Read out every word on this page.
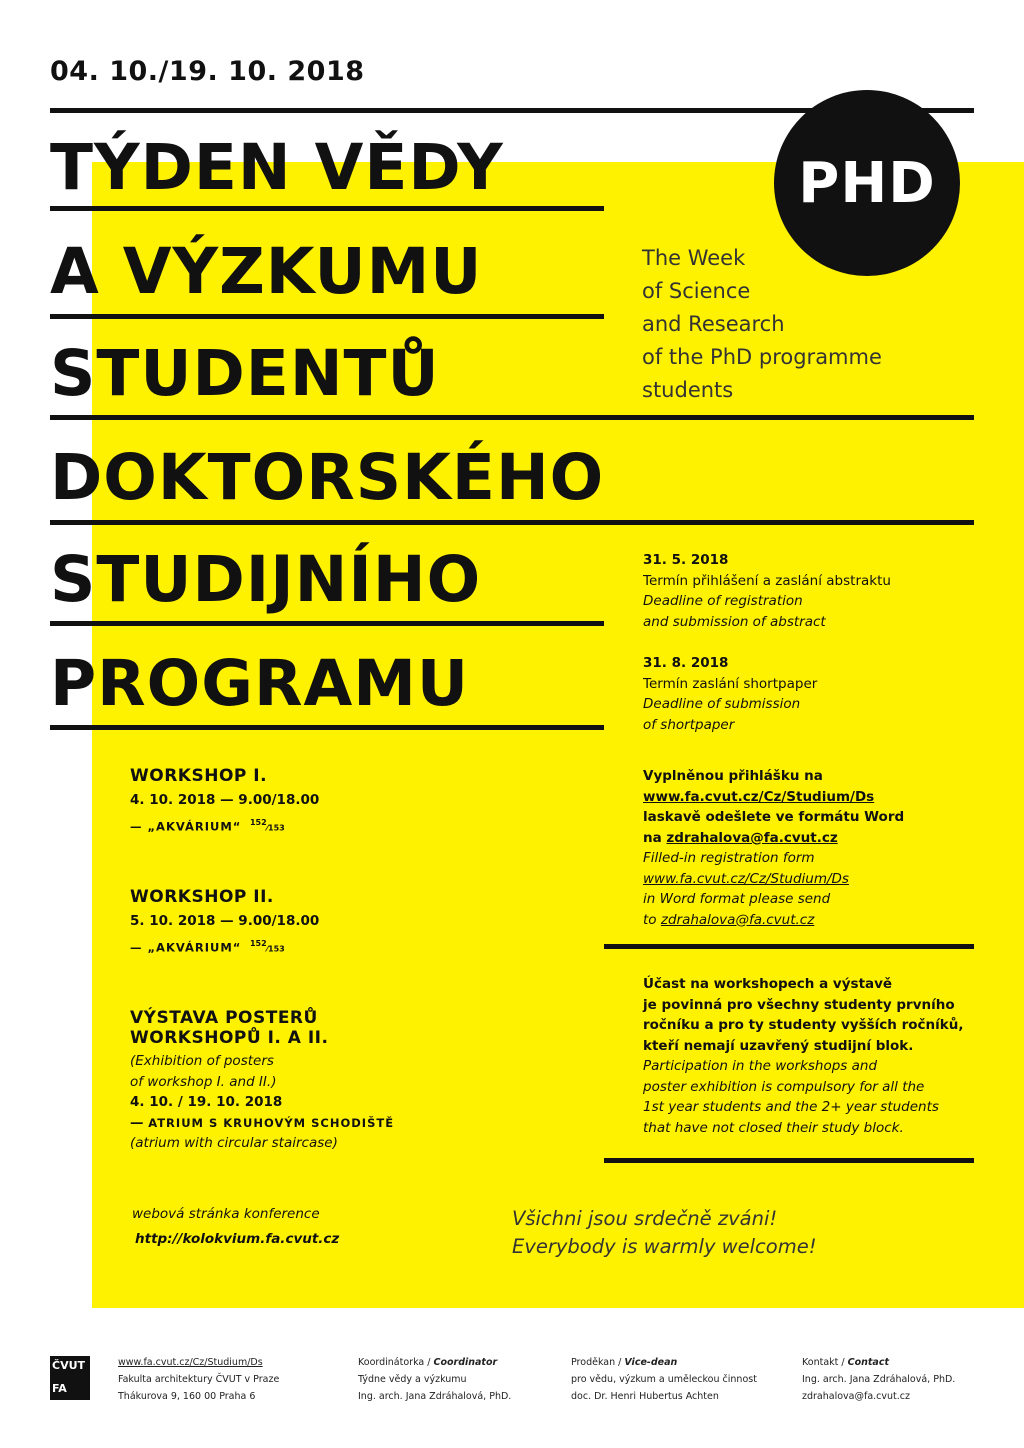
04. 10./19. 10. 2018
TÝDEN VĚDY
A VÝZKUMU
STUDENTŮ
DOKTORSKÉHO
STUDIJNÍHO
PROGRAMU
PHD
The Week
of Science
and Research
of the PhD programme
students
31. 5. 2018
Termín přihlášení a zaslání abstraktu
Deadline of registration
and submission of abstract
31. 8. 2018
Termín zaslání shortpaper
Deadline of submission
of shortpaper
Vyplněnou přihlášku na
www.fa.cvut.cz/Cz/Studium/Ds
laskavě odešlete ve formátu Word
na zdrahalova@fa.cvut.cz
Filled-in registration form
www.fa.cvut.cz/Cz/Studium/Ds
in Word format please send
to zdrahalova@fa.cvut.cz
Účast na workshopech a výstavě
je povinná pro všechny studenty prvního
ročníku a pro ty studenty vyšších ročníků,
kteří nemají uzavřený studijní blok.
Participation in the workshops and
poster exhibition is compulsory for all the
1st year students and the 2+ year students
that have not closed their study block.
WORKSHOP I.
4. 10. 2018 — 9.00/18.00
— „AKVÁRIUM“ $^{152}$⁄153
WORKSHOP II.
5. 10. 2018 — 9.00/18.00
— „AKVÁRIUM“ $^{152}$⁄153
VÝSTAVA POSTERŮ
WORKSHOPŮ I. A II.
(Exhibition of posters
of workshop I. and II.)
4. 10. / 19. 10. 2018
— ATRIUM S KRUHOVÝM SCHODIŠTĚ
(atrium with circular staircase)
webová stránka konference
http://kolokvium.fa.cvut.cz
Všichni jsou srdečně zváni!
Everybody is warmly welcome!
ČVUT
FA
www.fa.cvut.cz/Cz/Studium/Ds
Fakulta architektury ČVUT v Praze
Thákurova 9, 160 00 Praha 6
Koordinátorka / Coordinator
Týdne vědy a výzkumu
Ing. arch. Jana Zdráhalová, PhD.
Proděkan / Vice-dean
pro vědu, výzkum a uměleckou činnost
doc. Dr. Henri Hubertus Achten
Kontakt / Contact
Ing. arch. Jana Zdráhalová, PhD.
zdrahalova@fa.cvut.cz
